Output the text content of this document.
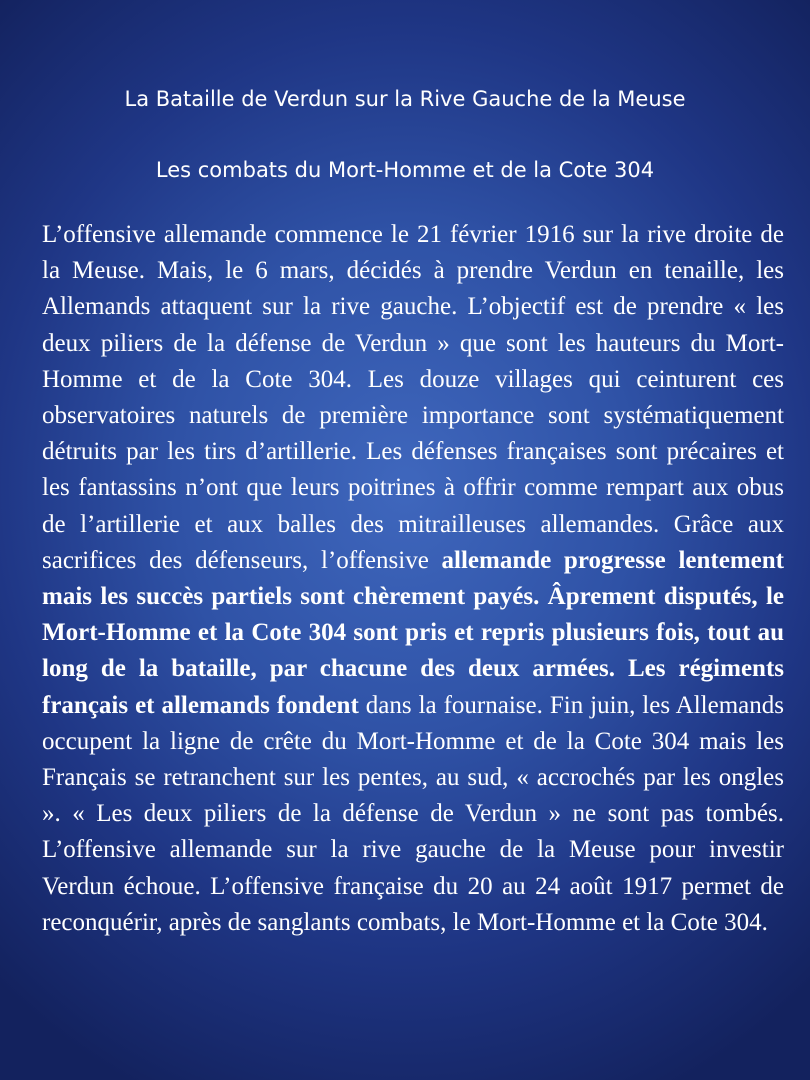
La Bataille de Verdun sur la Rive Gauche de la Meuse
Les combats du Mort-Homme et de la Cote 304

L’offensive allemande commence le 21 février 1916 sur la rive droite de la Meuse. Mais, le 6 mars, décidés à prendre Verdun en tenaille, les Allemands attaquent sur la rive gauche. L’objectif est de prendre « les deux piliers de la défense de Verdun » que sont les hauteurs du Mort-Homme et de la Cote 304. Les douze villages qui ceinturent ces observatoires naturels de première importance sont systématiquement détruits par les tirs d’artillerie. Les défenses françaises sont précaires et les fantassins n’ont que leurs poitrines à offrir comme rempart aux obus de l’artillerie et aux balles des mitrailleuses allemandes. Grâce aux sacrifices des défenseurs, l’offensive allemande progresse lentement mais les succès partiels sont chèrement payés. Âprement disputés, le Mort-Homme et la Cote 304 sont pris et repris plusieurs fois, tout au long de la bataille, par chacune des deux armées. Les régiments français et allemands fondent dans la fournaise. Fin juin, les Allemands occupent la ligne de crête du Mort-Homme et de la Cote 304 mais les Français se retranchent sur les pentes, au sud, « accrochés par les ongles ». « Les deux piliers de la défense de Verdun » ne sont pas tombés. L’offensive allemande sur la rive gauche de la Meuse pour investir Verdun échoue. L’offensive française du 20 au 24 août 1917 permet de reconquérir, après de sanglants combats, le Mort-Homme et la Cote 304.
